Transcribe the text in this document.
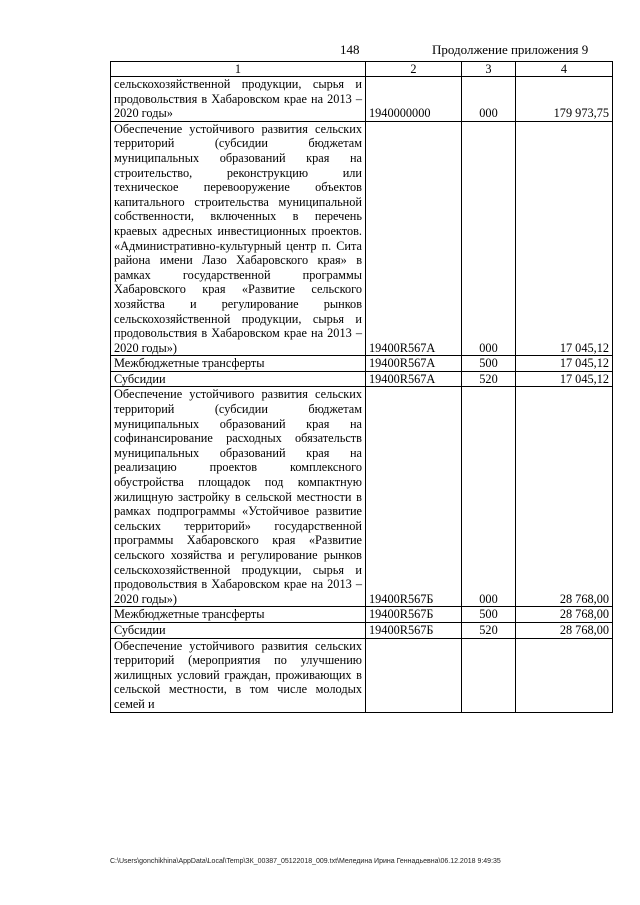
148	Продолжение приложения 9
1	2	3	4
сельскохозяйственной продукции, сырья и продовольствия в Хабаровском крае на 2013 – 2020 годы»	1940000000	000	179 973,75
Обеспечение устойчивого развития сельских территорий (субсидии бюджетам муниципальных образований края на строительство, реконструкцию или техническое перевооружение объектов капитального строительства муниципальной собственности, включенных в перечень краевых адресных инвестиционных проектов. «Административно-культурный центр п. Сита района имени Лазо Хабаровского края» в рамках государственной программы Хабаровского края «Развитие сельского хозяйства и регулирование рынков сельскохозяйственной продукции, сырья и продовольствия в Хабаровском крае на 2013 – 2020 годы»)	19400R567А	000	17 045,12
Межбюджетные трансферты	19400R567А	500	17 045,12
Субсидии	19400R567А	520	17 045,12
Обеспечение устойчивого развития сельских территорий (субсидии бюджетам муниципальных образований края на софинансирование расходных обязательств муниципальных образований края на реализацию проектов комплексного обустройства площадок под компактную жилищную застройку в сельской местности в рамках подпрограммы «Устойчивое развитие сельских территорий» государственной программы Хабаровского края «Развитие сельского хозяйства и регулирование рынков сельскохозяйственной продукции, сырья и продовольствия в Хабаровском крае на 2013 – 2020 годы»)	19400R567Б	000	28 768,00
Межбюджетные трансферты	19400R567Б	500	28 768,00
Субсидии	19400R567Б	520	28 768,00
Обеспечение устойчивого развития сельских территорий (мероприятия по улучшению жилищных условий граждан, проживающих в сельской местности, в том числе молодых семей и			
C:\Users\gonchikhina\AppData\Local\Temp\ЗК_00387_05122018_009.txt\Меледина Ирина Геннадьевна\06.12.2018 9:49:35
